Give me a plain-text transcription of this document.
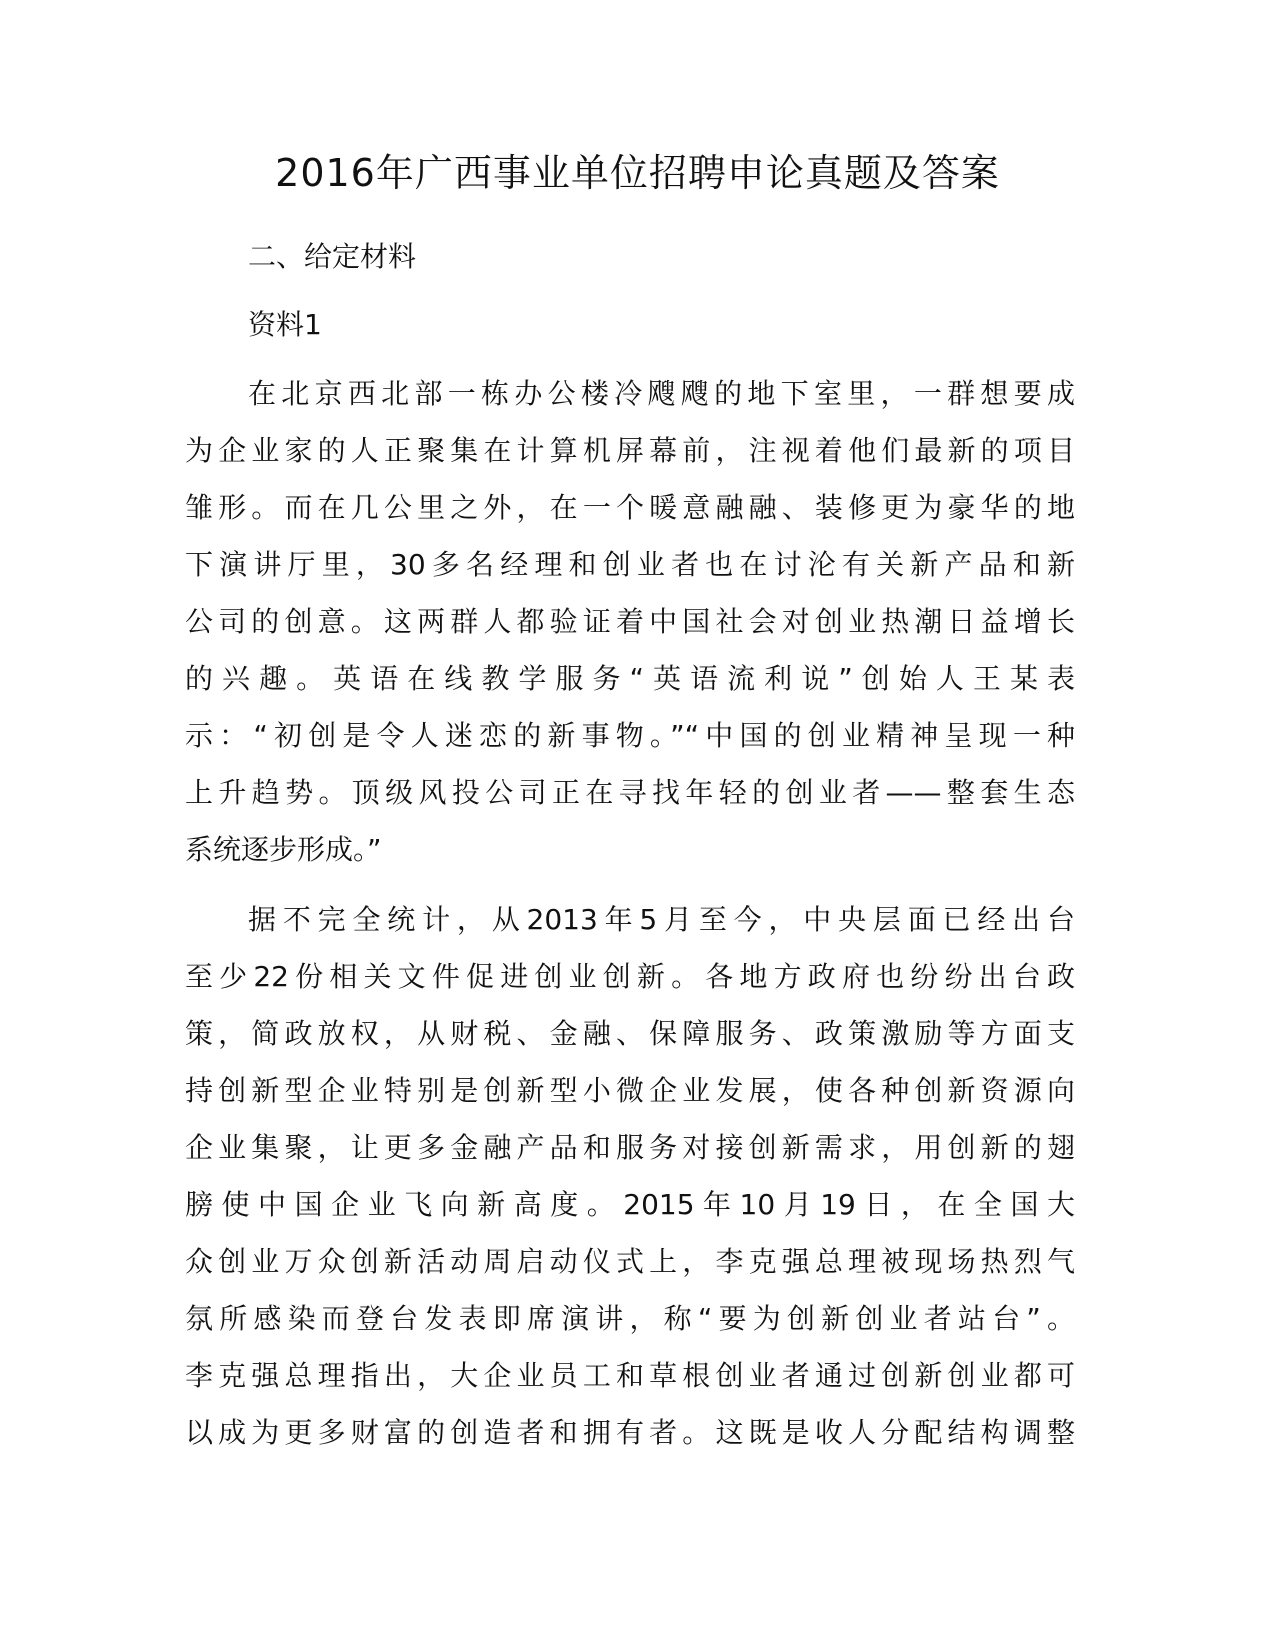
2016年广西事业单位招聘申论真题及答案
二、给定材料
资料1
在北京西北部一栋办公楼冷飕飕的地下室里，一群想要成
为企业家的人正聚集在计算机屏幕前，注视着他们最新的项目
雏形。而在几公里之外，在一个暖意融融、装修更为豪华的地
下演讲厅里，30多名经理和创业者也在讨沦有关新产品和新
公司的创意。这两群人都验证着中国社会对创业热潮日益增长
的兴趣。英语在线教学服务“英语流利说”创始人王某表
示：“初创是令人迷恋的新事物。”“中国的创业精神呈现一种
上升趋势。顶级风投公司正在寻找年轻的创业者——整套生态
系统逐步形成。”
据不完全统计，从2013年5月至今，中央层面已经出台
至少22份相关文件促进创业创新。各地方政府也纷纷出台政
策，简政放权，从财税、金融、保障服务、政策激励等方面支
持创新型企业特别是创新型小微企业发展，使各种创新资源向
企业集聚，让更多金融产品和服务对接创新需求，用创新的翅
膀使中国企业飞向新高度。2015年10月19日，在全国大
众创业万众创新活动周启动仪式上，李克强总理被现场热烈气
氛所感染而登台发表即席演讲，称“要为创新创业者站台”。
李克强总理指出，大企业员工和草根创业者通过创新创业都可
以成为更多财富的创造者和拥有者。这既是收人分配结构调整
